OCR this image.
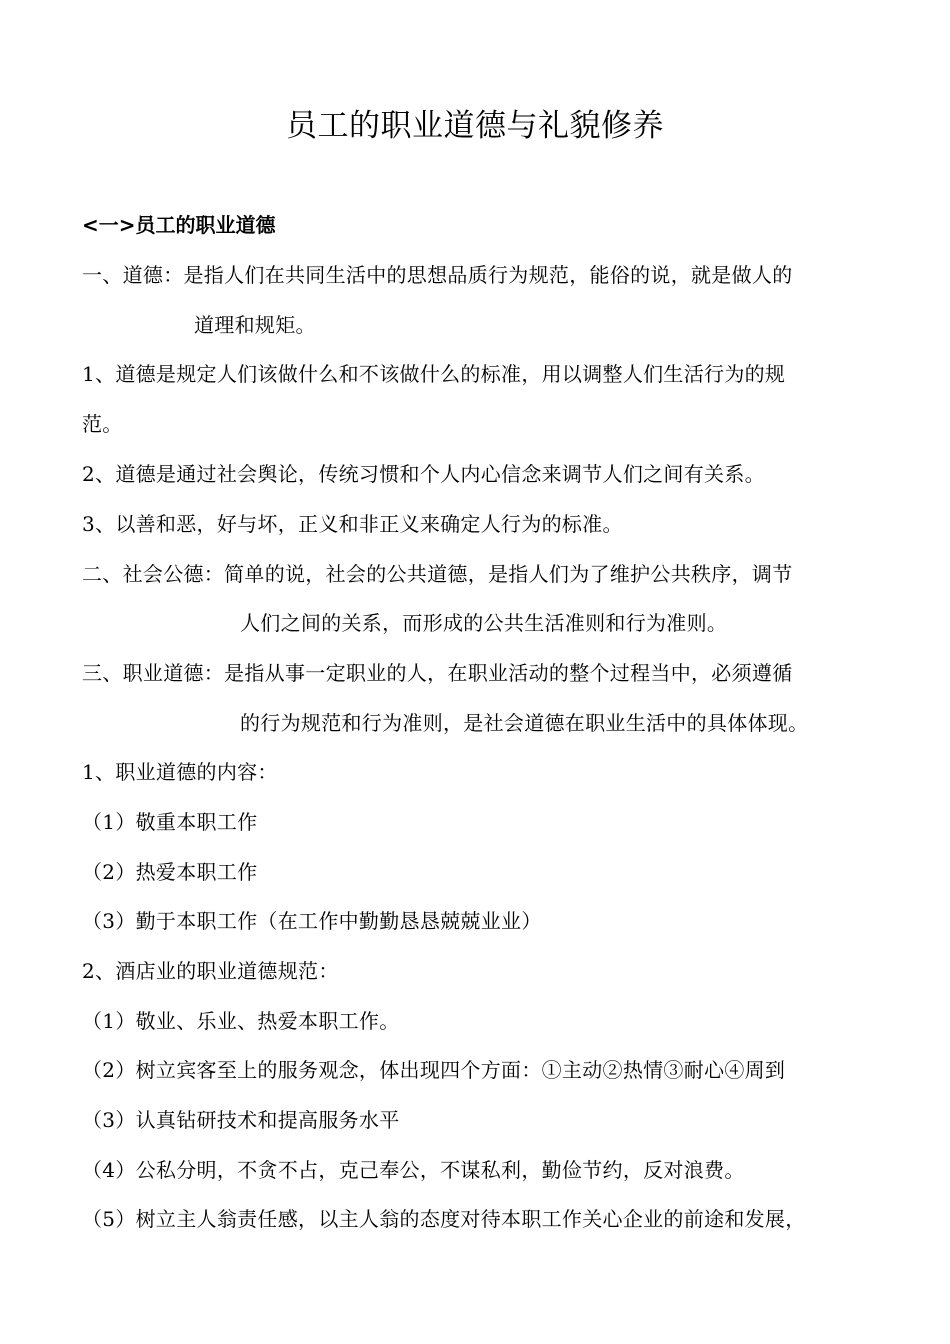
员工的职业道德与礼貌修养
<一>员工的职业道德
一、道德：是指人们在共同生活中的思想品质行为规范，能俗的说，就是做人的
道理和规矩。
1、道德是规定人们该做什么和不该做什么的标准，用以调整人们生活行为的规
范。
2、道德是通过社会舆论，传统习惯和个人内心信念来调节人们之间有关系。
3、以善和恶，好与坏，正义和非正义来确定人行为的标准。
二、社会公德：简单的说，社会的公共道德，是指人们为了维护公共秩序，调节
人们之间的关系，而形成的公共生活准则和行为准则。
三、职业道德：是指从事一定职业的人，在职业活动的整个过程当中，必须遵循
的行为规范和行为准则，是社会道德在职业生活中的具体体现。
1、职业道德的内容：
（1）敬重本职工作
（2）热爱本职工作
（3）勤于本职工作（在工作中勤勤恳恳兢兢业业）
2、酒店业的职业道德规范：
（1）敬业、乐业、热爱本职工作。
（2）树立宾客至上的服务观念，体出现四个方面：①主动②热情③耐心④周到
（3）认真钻研技术和提高服务水平
（4）公私分明，不贪不占，克己奉公，不谋私利，勤俭节约，反对浪费。
（5）树立主人翁责任感，以主人翁的态度对待本职工作关心企业的前途和发展，
